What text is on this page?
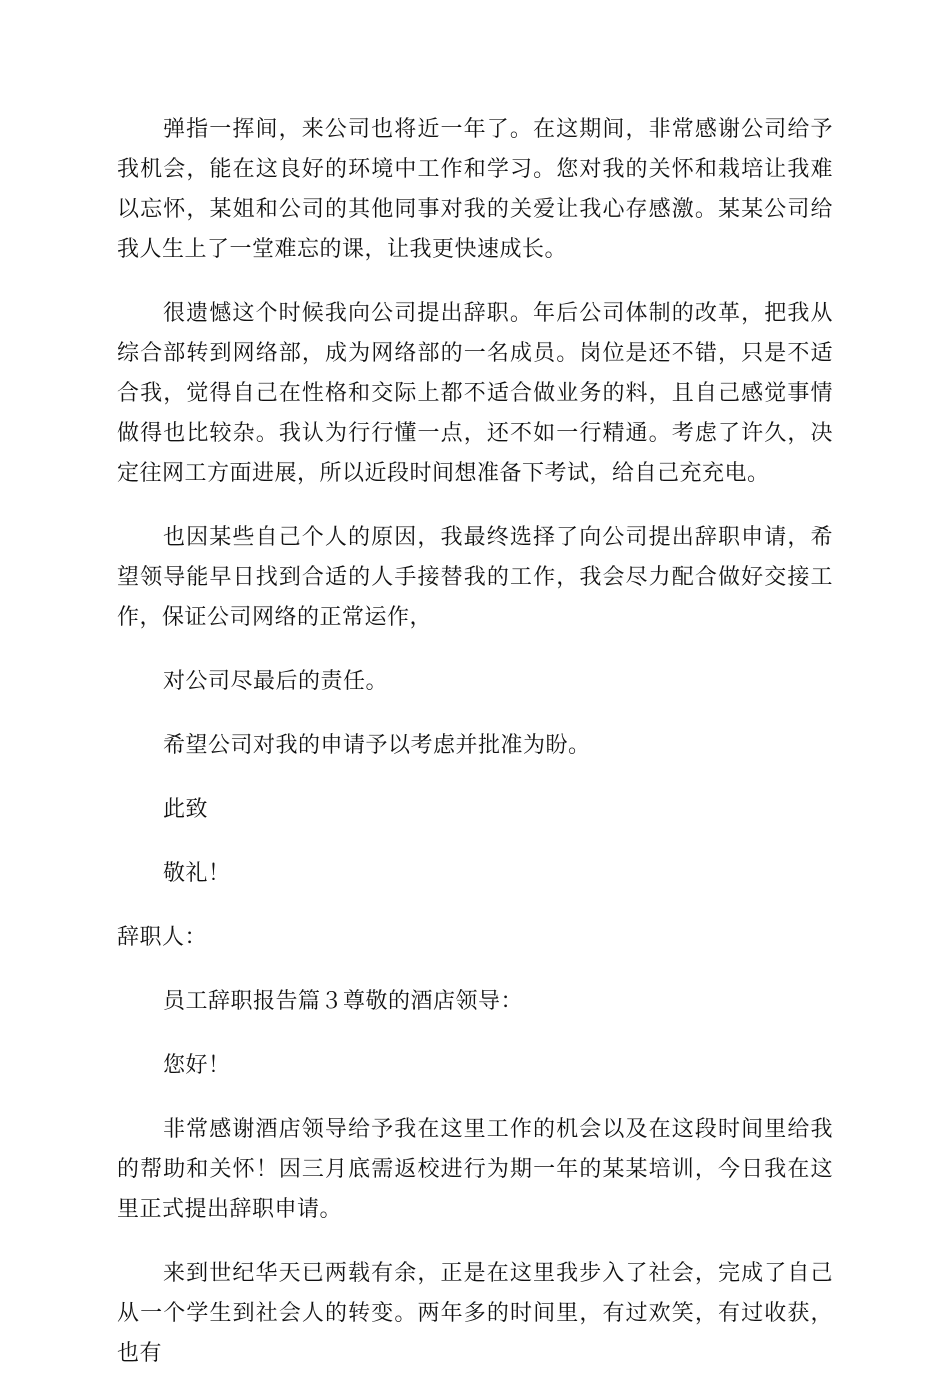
弹指一挥间，来公司也将近一年了。在这期间，非常感谢公司给予我机会，能在这良好的环境中工作和学习。您对我的关怀和栽培让我难以忘怀，某姐和公司的其他同事对我的关爱让我心存感激。某某公司给我人生上了一堂难忘的课，让我更快速成长。

很遗憾这个时候我向公司提出辞职。年后公司体制的改革，把我从综合部转到网络部，成为网络部的一名成员。岗位是还不错，只是不适合我，觉得自己在性格和交际上都不适合做业务的料，且自己感觉事情做得也比较杂。我认为行行懂一点，还不如一行精通。考虑了许久，决定往网工方面进展，所以近段时间想准备下考试，给自己充充电。

也因某些自己个人的原因，我最终选择了向公司提出辞职申请，希望领导能早日找到合适的人手接替我的工作，我会尽力配合做好交接工作，保证公司网络的正常运作，

对公司尽最后的责任。

希望公司对我的申请予以考虑并批准为盼。

此致

敬礼！

辞职人：

员工辞职报告篇３尊敬的酒店领导：

您好！

非常感谢酒店领导给予我在这里工作的机会以及在这段时间里给我的帮助和关怀！因三月底需返校进行为期一年的某某培训，今日我在这里正式提出辞职申请。

来到世纪华天已两载有余，正是在这里我步入了社会，完成了自己从一个学生到社会人的转变。两年多的时间里，有过欢笑，有过收获，也有
